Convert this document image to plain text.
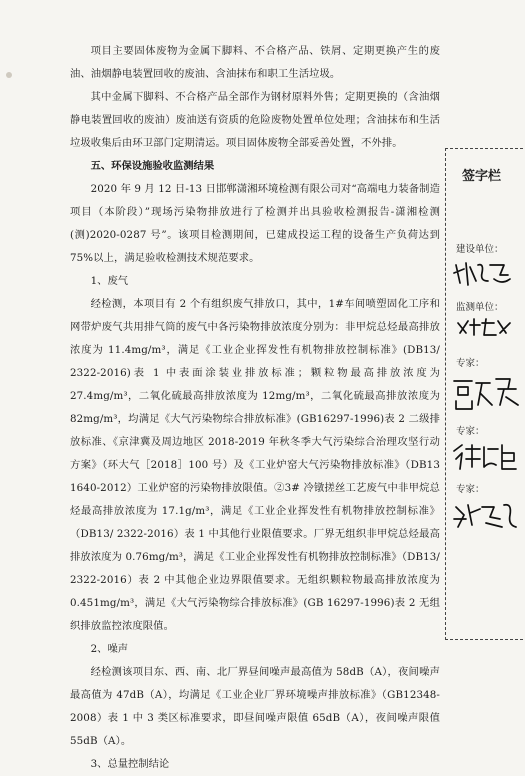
项目主要固体废物为金属下脚料、不合格产品、铁屑、定期更换产生的废油、油烟静电装置回收的废油、含油抹布和职工生活垃圾。

其中金属下脚料、不合格产品全部作为钢材原料外售；定期更换的（含油烟静电装置回收的废油）废油送有资质的危险废物处置单位处理；含油抹布和生活垃圾收集后由环卫部门定期清运。项目固体废物全部妥善处置，不外排。

五、环保设施验收监测结果

2020 年 9 月 12 日-13 日邯郸潇湘环境检测有限公司对“高端电力装备制造项目（本阶段）”现场污染物排放进行了检测并出具验收检测报告-潇湘检测(测)2020-0287 号”。该项目检测期间，已建成投运工程的设备生产负荷达到 75%以上，满足验收检测技术规范要求。

1、废气

经检测，本项目有 2 个有组织废气排放口，其中，1#车间喷塑固化工序和网带炉废气共用排气筒的废气中各污染物排放浓度分别为：非甲烷总烃最高排放浓度为 11.4mg/m³，满足《工业企业挥发性有机物排放控制标准》(DB13/ 2322-2016)表 1 中表面涂装业排放标准；颗粒物最高排放浓度为 27.4mg/m³，二氧化硫最高排放浓度为 12mg/m³，二氧化硫最高排放浓度为 82mg/m³，均满足《大气污染物综合排放标准》(GB16297-1996)表 2 二级排放标准、《京津冀及周边地区 2018-2019 年秋冬季大气污染综合治理攻坚行动方案》（环大气［2018］100 号）及《工业炉窑大气污染物排放标准》（DB13 1640-2012）工业炉窑的污染物排放限值。②3# 冷镦搓丝工艺废气中非甲烷总烃最高排放浓度为 17.1g/m³，满足《工业企业挥发性有机物排放控制标准》（DB13/ 2322-2016）表 1 中其他行业限值要求。厂界无组织非甲烷总烃最高排放浓度为 0.76mg/m³，满足《工业企业挥发性有机物排放控制标准》（DB13/ 2322-2016）表 2 中其他企业边界限值要求。无组织颗粒物最高排放浓度为 0.451mg/m³，满足《大气污染物综合排放标准》(GB 16297-1996)表 2 无组织排放监控浓度限值。

2、噪声

经检测该项目东、西、南、北厂界昼间噪声最高值为 58dB（A），夜间噪声最高值为 47dB（A），均满足《工业企业厂界环境噪声排放标准》（GB12348-2008）表 1 中 3 类区标准要求，即昼间噪声限值 65dB（A），夜间噪声限值 55dB（A）。

3、总量控制结论

签字栏
建设单位：
监测单位：
专家：
专家：
专家：
